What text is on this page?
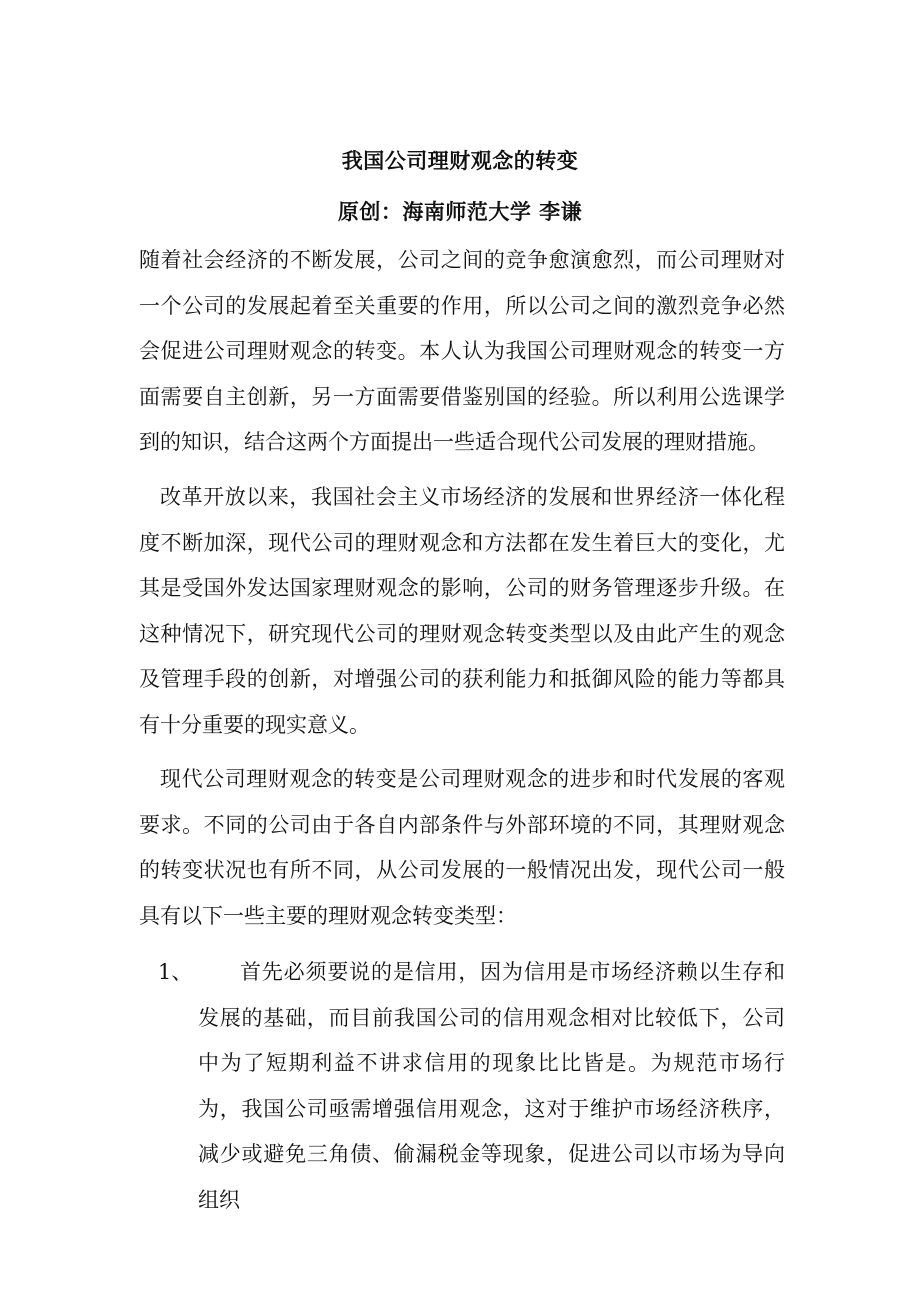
我国公司理财观念的转变
原创：海南师范大学 李谦

随着社会经济的不断发展，公司之间的竞争愈演愈烈，而公司理财对一个公司的发展起着至关重要的作用，所以公司之间的激烈竞争必然会促进公司理财观念的转变。本人认为我国公司理财观念的转变一方面需要自主创新，另一方面需要借鉴别国的经验。所以利用公选课学到的知识，结合这两个方面提出一些适合现代公司发展的理财措施。

改革开放以来，我国社会主义市场经济的发展和世界经济一体化程度不断加深，现代公司的理财观念和方法都在发生着巨大的变化，尤其是受国外发达国家理财观念的影响，公司的财务管理逐步升级。在这种情况下，研究现代公司的理财观念转变类型以及由此产生的观念及管理手段的创新，对增强公司的获利能力和抵御风险的能力等都具有十分重要的现实意义。

现代公司理财观念的转变是公司理财观念的进步和时代发展的客观要求。不同的公司由于各自内部条件与外部环境的不同，其理财观念的转变状况也有所不同，从公司发展的一般情况出发，现代公司一般具有以下一些主要的理财观念转变类型：

1、	首先必须要说的是信用，因为信用是市场经济赖以生存和发展的基础，而目前我国公司的信用观念相对比较低下，公司中为了短期利益不讲求信用的现象比比皆是。为规范市场行为，我国公司亟需增强信用观念，这对于维护市场经济秩序，减少或避免三角债、偷漏税金等现象，促进公司以市场为导向组织
